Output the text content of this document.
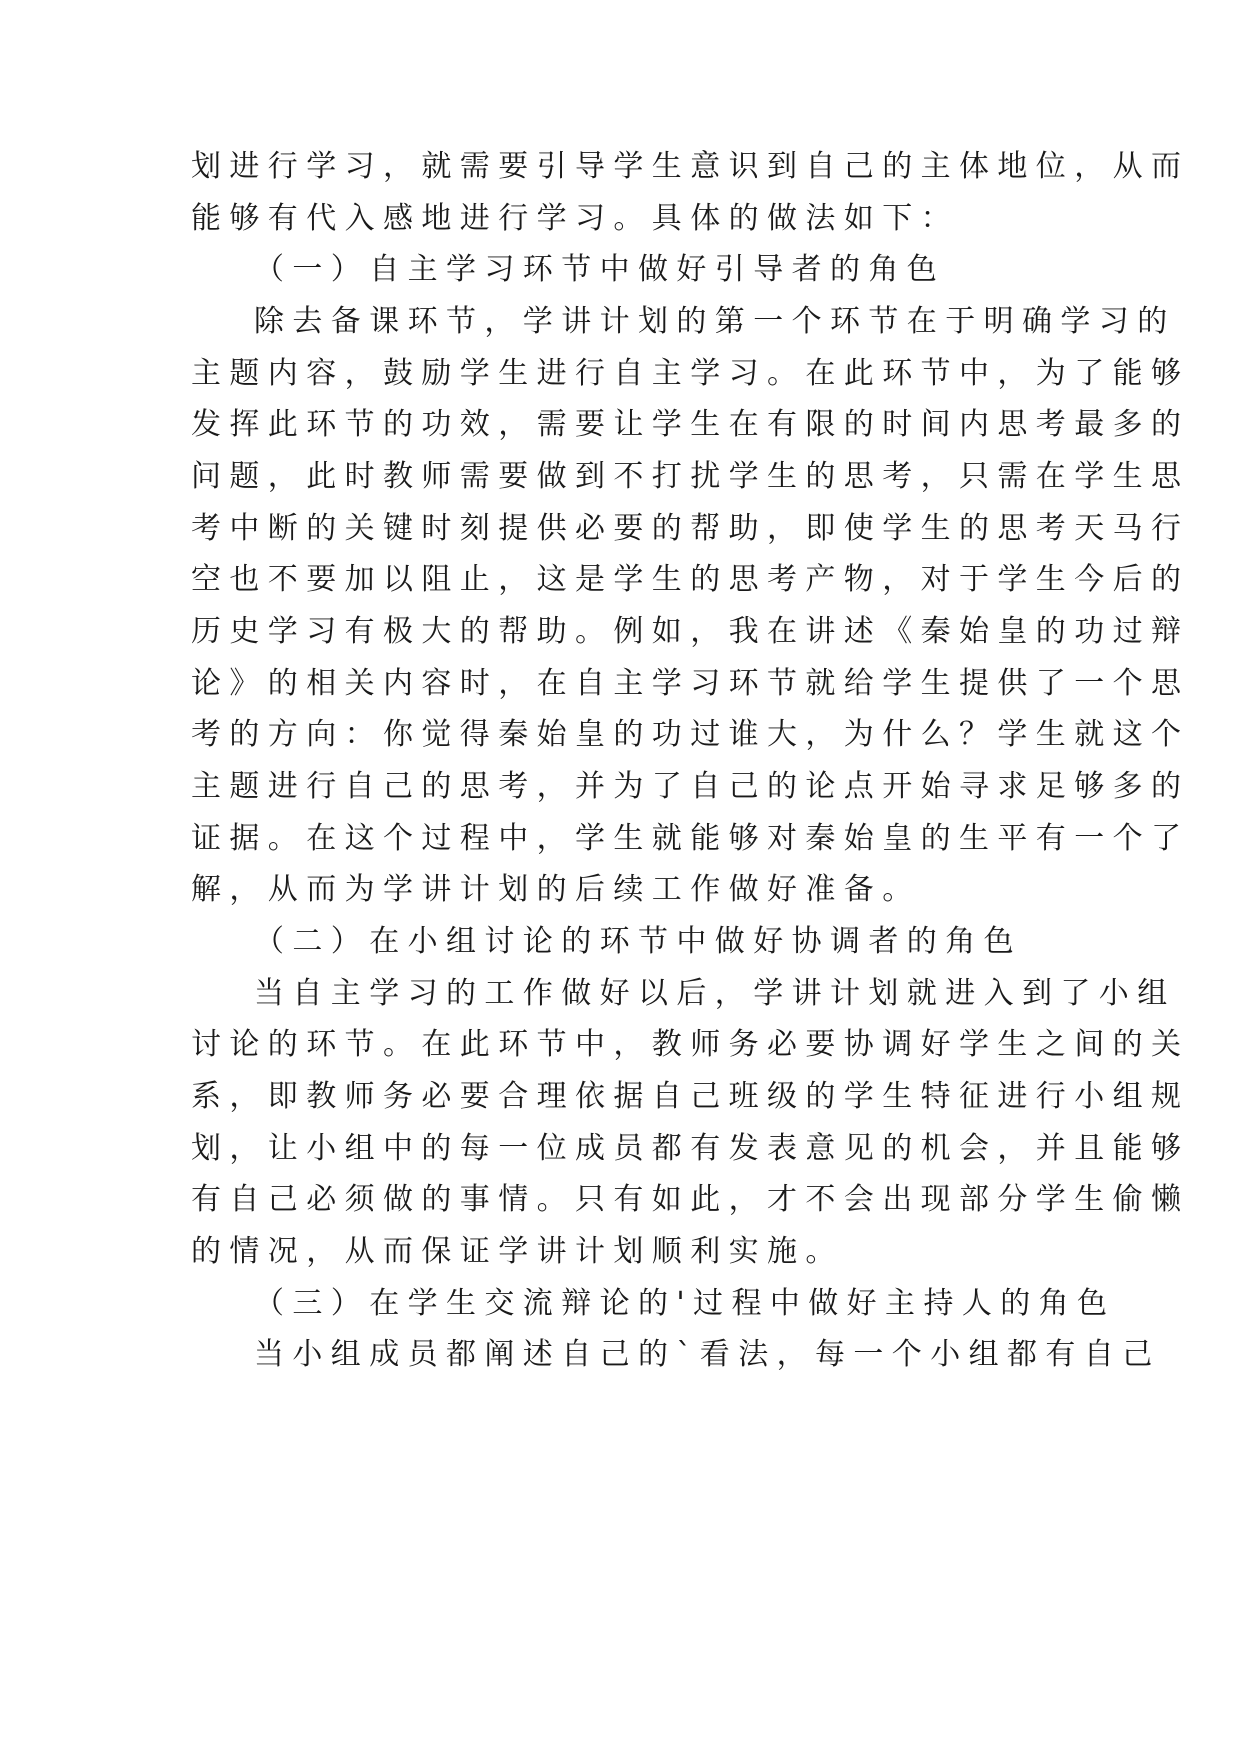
划进行学习，就需要引导学生意识到自己的主体地位，从而
能够有代入感地进行学习。具体的做法如下：
（一）自主学习环节中做好引导者的角色
除去备课环节，学讲计划的第一个环节在于明确学习的
主题内容，鼓励学生进行自主学习。在此环节中，为了能够
发挥此环节的功效，需要让学生在有限的时间内思考最多的
问题，此时教师需要做到不打扰学生的思考，只需在学生思
考中断的关键时刻提供必要的帮助，即使学生的思考天马行
空也不要加以阻止，这是学生的思考产物，对于学生今后的
历史学习有极大的帮助。例如，我在讲述《秦始皇的功过辩
论》的相关内容时，在自主学习环节就给学生提供了一个思
考的方向：你觉得秦始皇的功过谁大，为什么？学生就这个
主题进行自己的思考，并为了自己的论点开始寻求足够多的
证据。在这个过程中，学生就能够对秦始皇的生平有一个了
解，从而为学讲计划的后续工作做好准备。
（二）在小组讨论的环节中做好协调者的角色
当自主学习的工作做好以后，学讲计划就进入到了小组
讨论的环节。在此环节中，教师务必要协调好学生之间的关
系，即教师务必要合理依据自己班级的学生特征进行小组规
划，让小组中的每一位成员都有发表意见的机会，并且能够
有自己必须做的事情。只有如此，才不会出现部分学生偷懒
的情况，从而保证学讲计划顺利实施。
（三）在学生交流辩论的'过程中做好主持人的角色
当小组成员都阐述自己的`看法，每一个小组都有自己
